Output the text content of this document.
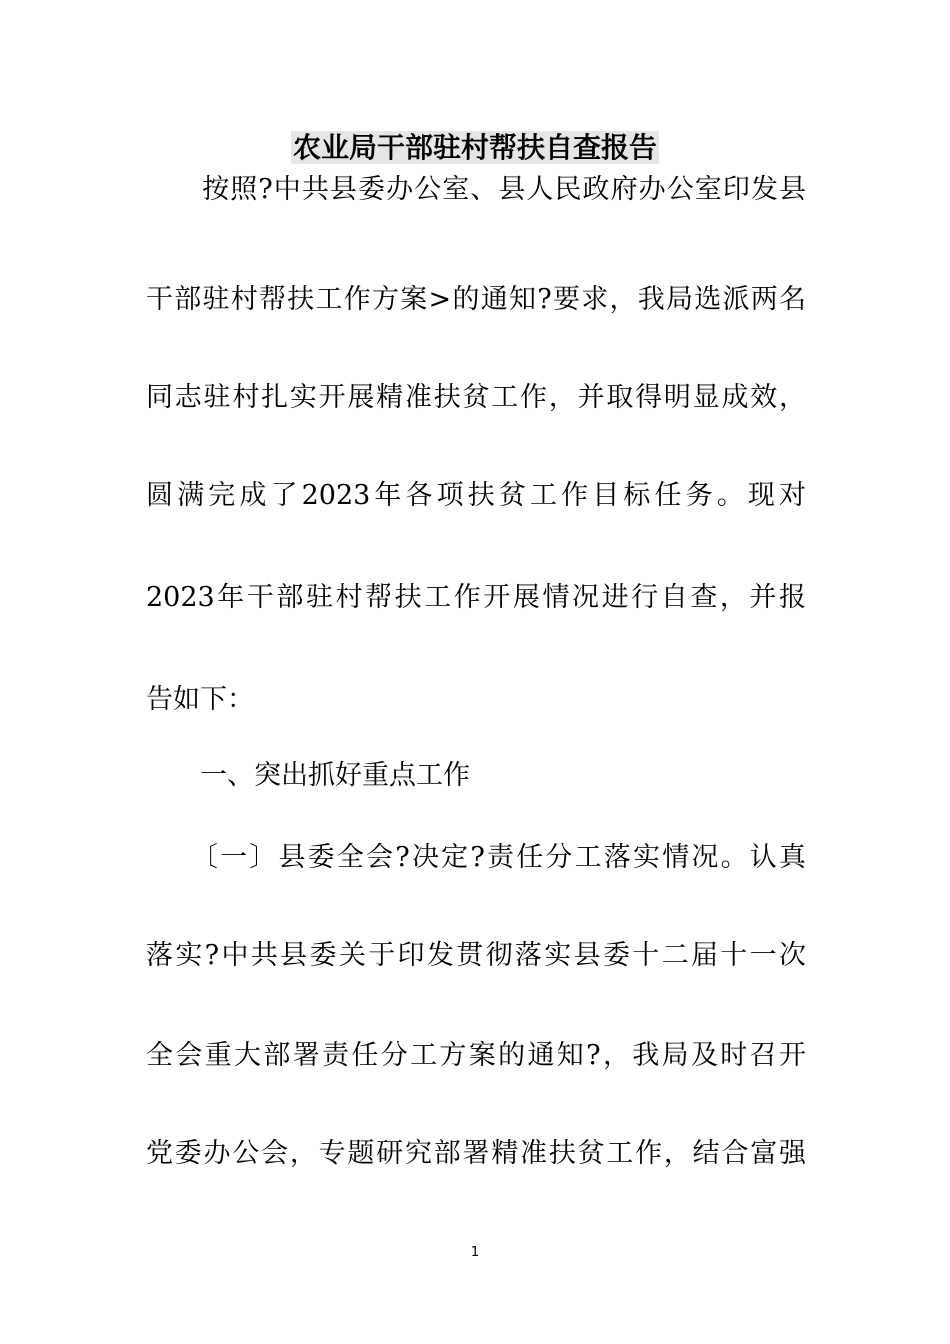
农业局干部驻村帮扶自查报告
　　按照?中共县委办公室、县人民政府办公室印发县
干部驻村帮扶工作方案>的通知?要求，我局选派两名
同志驻村扎实开展精准扶贫工作，并取得明显成效，
圆满完成了2023年各项扶贫工作目标任务。现对
2023年干部驻村帮扶工作开展情况进行自查，并报
告如下：
　　一、突出抓好重点工作
　　〔一〕县委全会?决定?责任分工落实情况。认真
落实?中共县委关于印发贯彻落实县委十二届十一次
全会重大部署责任分工方案的通知?，我局及时召开
党委办公会，专题研究部署精准扶贫工作，结合富强
1
